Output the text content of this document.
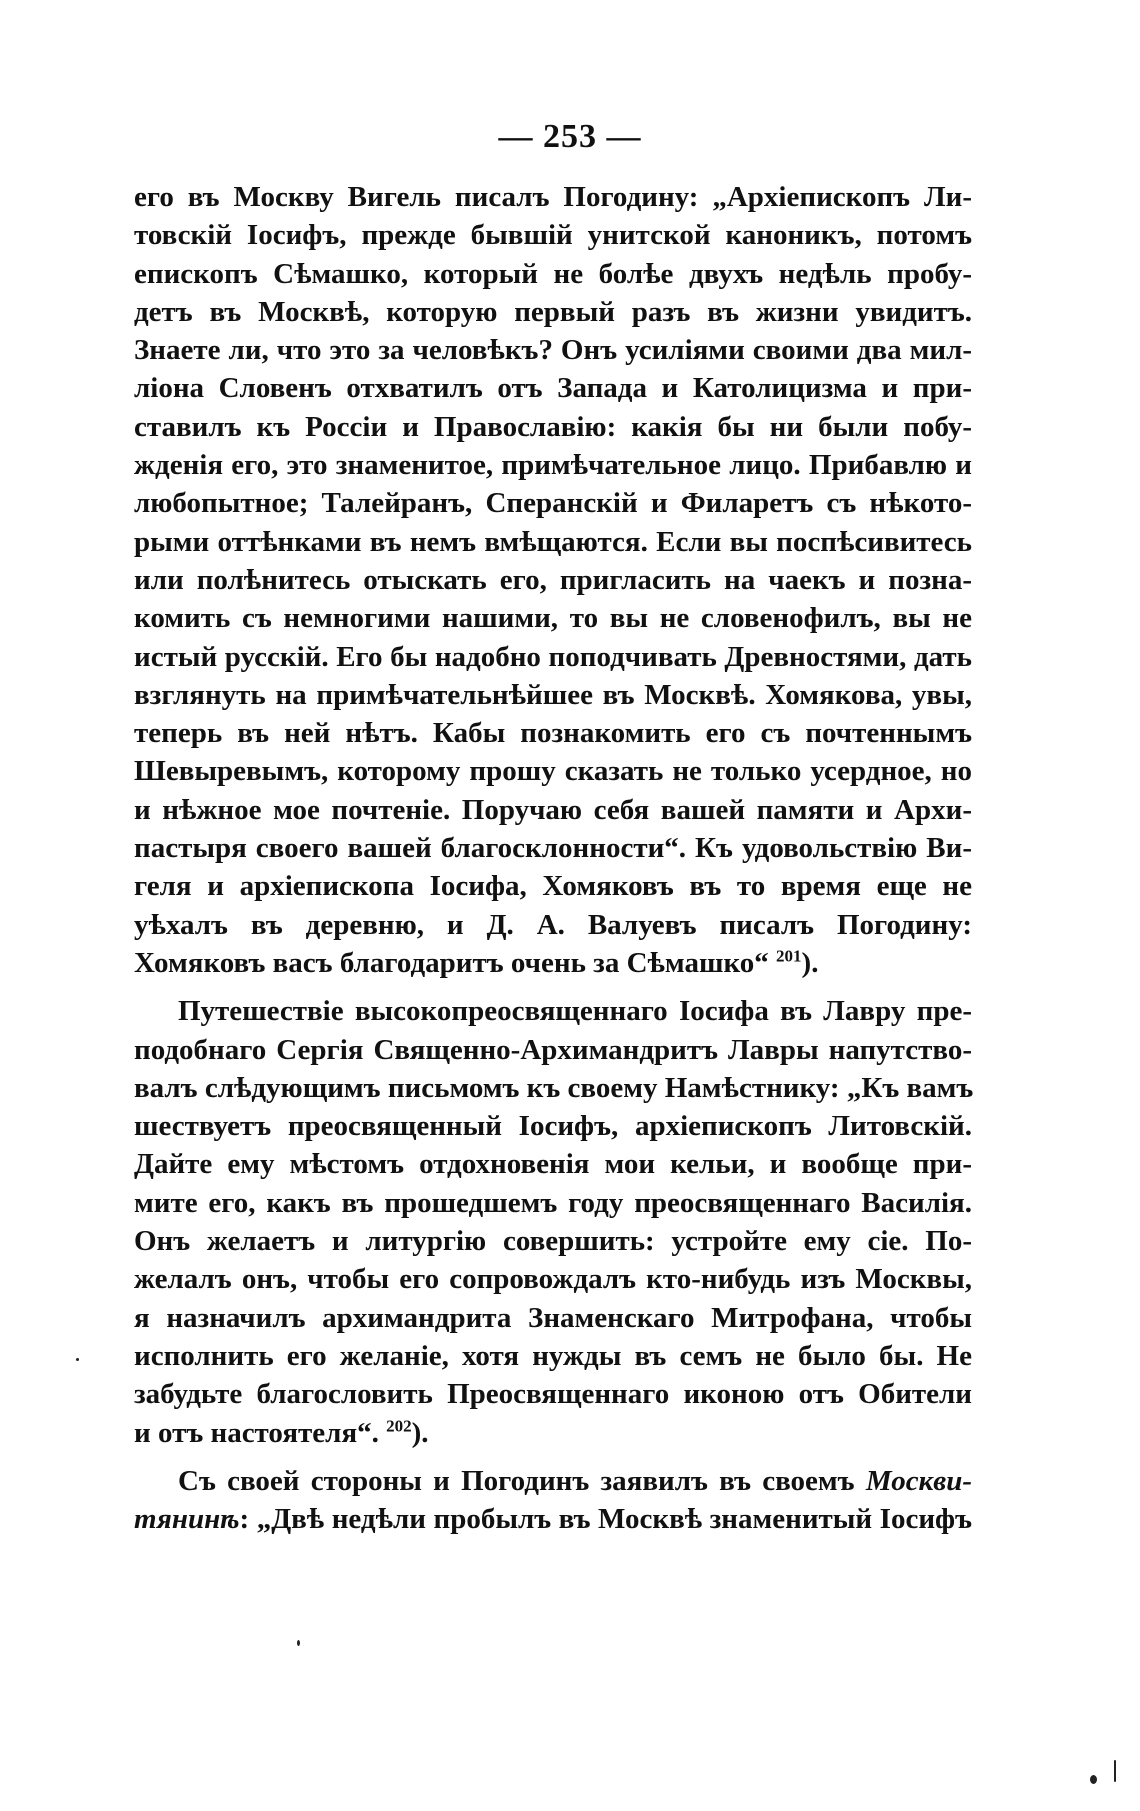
— 253 —
его въ Москву Вигель писалъ Погодину: „Архіепископъ Ли-
товскій Іосифъ, прежде бывшій унитской каноникъ, потомъ
епископъ Сѣмашко, который не болѣе двухъ недѣль пробу-
детъ въ Москвѣ, которую первый разъ въ жизни увидитъ.
Знаете ли, что это за человѣкъ? Онъ усиліями своими два мил-
ліона Словенъ отхватилъ отъ Запада и Католицизма и при-
ставилъ къ Россіи и Православію: какія бы ни были побу-
жденія его, это знаменитое, примѣчательное лицо. Прибавлю и
любопытное; Талейранъ, Сперанскій и Филаретъ съ нѣкото-
рыми оттѣнками въ немъ вмѣщаются. Если вы поспѣсивитесь
или полѣнитесь отыскать его, пригласить на чаекъ и позна-
комить съ немногими нашими, то вы не словенофилъ, вы не
истый русскій. Его бы надобно поподчивать Древностями, дать
взглянуть на примѣчательнѣйшее въ Москвѣ. Хомякова, увы,
теперь въ ней нѣтъ. Кабы познакомить его съ почтеннымъ
Шевыревымъ, которому прошу сказать не только усердное, но
и нѣжное мое почтеніе. Поручаю себя вашей памяти и Архи-
пастыря своего вашей благосклонности“. Къ удовольствію Ви-
геля и архіепископа Іосифа, Хомяковъ въ то время еще не
уѣхалъ въ деревню, и Д. А. Валуевъ писалъ Погодину:
Хомяковъ васъ благодаритъ очень за Сѣмашко“ $^{201}$).
Путешествіе высокопреосвященнаго Іосифа въ Лавру пре-
подобнаго Сергія Священно-Архимандритъ Лавры напутство-
валъ слѣдующимъ письмомъ къ своему Намѣстнику: „Къ вамъ
шествуетъ преосвященный Іосифъ, архіепископъ Литовскій.
Дайте ему мѣстомъ отдохновенія мои кельи, и вообще при-
мите его, какъ въ прошедшемъ году преосвященнаго Василія.
Онъ желаетъ и литургію совершить: устройте ему сіе. По-
желалъ онъ, чтобы его сопровождалъ кто-нибудь изъ Москвы,
я назначилъ архимандрита Знаменскаго Митрофана, чтобы
исполнить его желаніе, хотя нужды въ семъ не было бы. Не
забудьте благословить Преосвященнаго иконою отъ Обители
и отъ настоятеля“. $^{202}$).
Съ своей стороны и Погодинъ заявилъ въ своемъ Москви-
тянинѣ: „Двѣ недѣли пробылъ въ Москвѣ знаменитый Іосифъ
